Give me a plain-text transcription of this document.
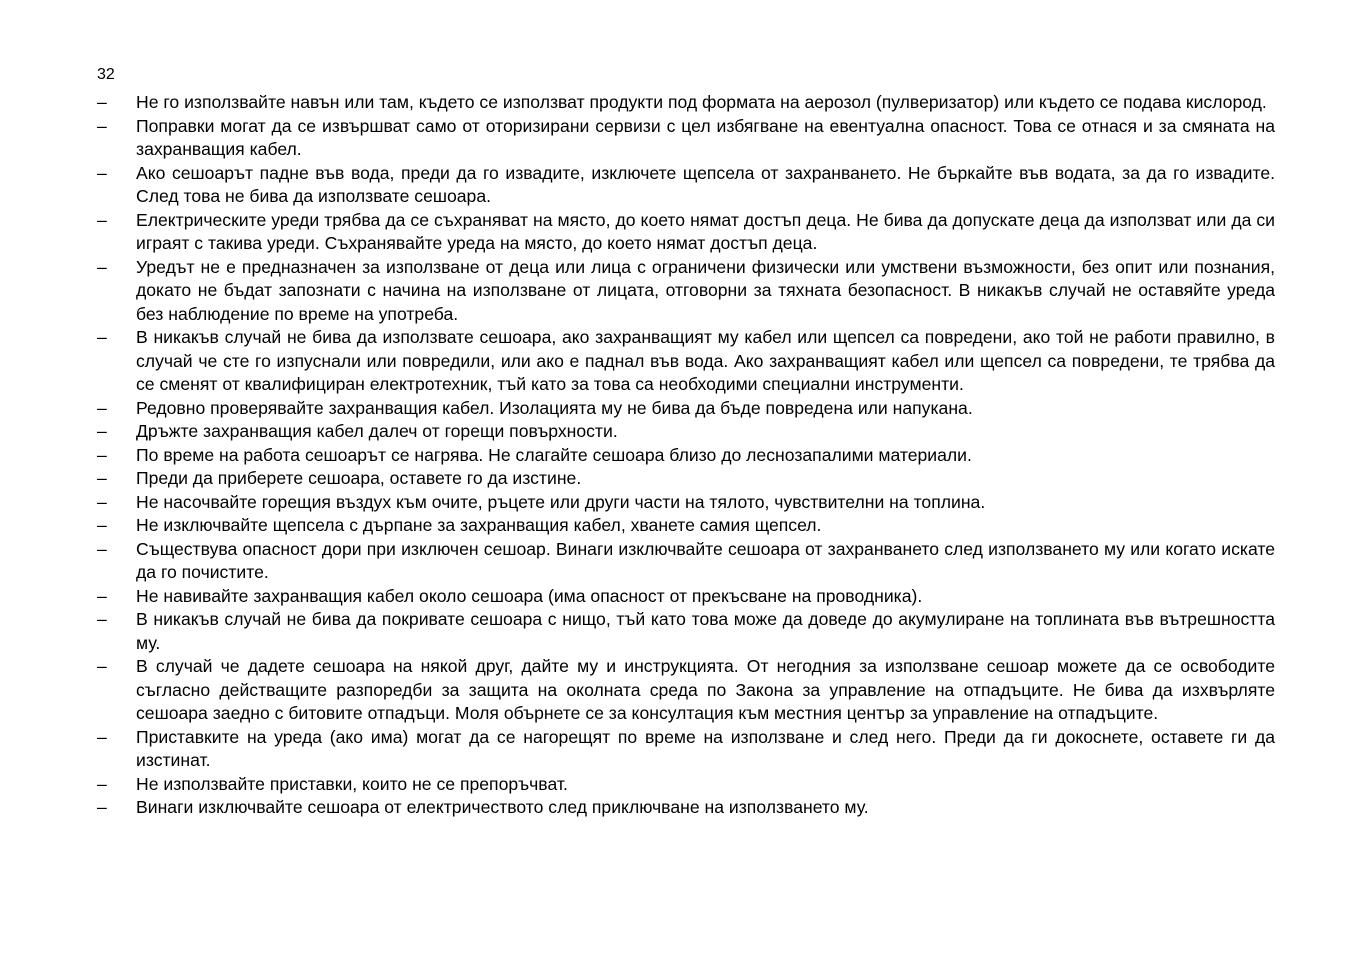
32
–	Не го използвайте навън или там, където се използват продукти под формата на аерозол (пулверизатор) или където се подава кислород.
–	Поправки могат да се извършват само от оторизирани сервизи с цел избягване на евентуална опасност. Това се отнася и за смяната на захранващия кабел.
–	Ако сешоарът падне във вода, преди да го извадите, изключете щепсела от захранването. Не бъркайте във водата, за да го извадите. След това не бива да използвате сешоара.
–	Електрическите уреди трябва да се съхраняват на място, до което нямат достъп деца. Не бива да допускате деца да използват или да си играят с такива уреди. Съхранявайте уреда на място, до което нямат достъп деца.
–	Уредът не е предназначен за използване от деца или лица с ограничени физически или умствени възможности, без опит или познания, докато не бъдат запознати с начина на използване от лицата, отговорни за тяхната безопасност. В никакъв случай не оставяйте уреда без наблюдение по време на употреба.
–	В никакъв случай не бива да използвате сешоара, ако захранващият му кабел или щепсел са повредени, ако той не работи правилно, в случай че сте го изпуснали или повредили, или ако е паднал във вода. Ако захранващият кабел или щепсел са повредени, те трябва да се сменят от квалифициран електротехник, тъй като за това са необходими специални инструменти.
–	Редовно проверявайте захранващия кабел. Изолацията му не бива да бъде повредена или напукана.
–	Дръжте захранващия кабел далеч от горещи повърхности.
–	По време на работа сешоарът се нагрява. Не слагайте сешоара близо до леснозапалими материали.
–	Преди да приберете сешоара, оставете го да изстине.
–	Не насочвайте горещия въздух към очите, ръцете или други части на тялото, чувствителни на топлина.
–	Не изключвайте щепсела с дърпане за захранващия кабел, хванете самия щепсел.
–	Съществува опасност дори при изключен сешоар. Винаги изключвайте сешоара от захранването след използването му или когато искате да го почистите.
–	Не навивайте захранващия кабел около сешоара (има опасност от прекъсване на проводника).
–	В никакъв случай не бива да покривате сешоара с нищо, тъй като това може да доведе до акумулиране на топлината във вътрешността му.
–	В случай че дадете сешоара на някой друг, дайте му и инструкцията. От негодния за използване сешоар можете да се освободите съгласно действащите разпоредби за защита на околната среда по Закона за управление на отпадъците. Не бива да изхвърляте сешоара заедно с битовите отпадъци. Моля обърнете се за консултация към местния център за управление на отпадъците.
–	Приставките на уреда (ако има) могат да се нагорещят по време на използване и след него. Преди да ги докоснете, оставете ги да изстинат.
–	Не използвайте приставки, които не се препоръчват.
–	Винаги изключвайте сешоара от електричеството след приключване на използването му.
